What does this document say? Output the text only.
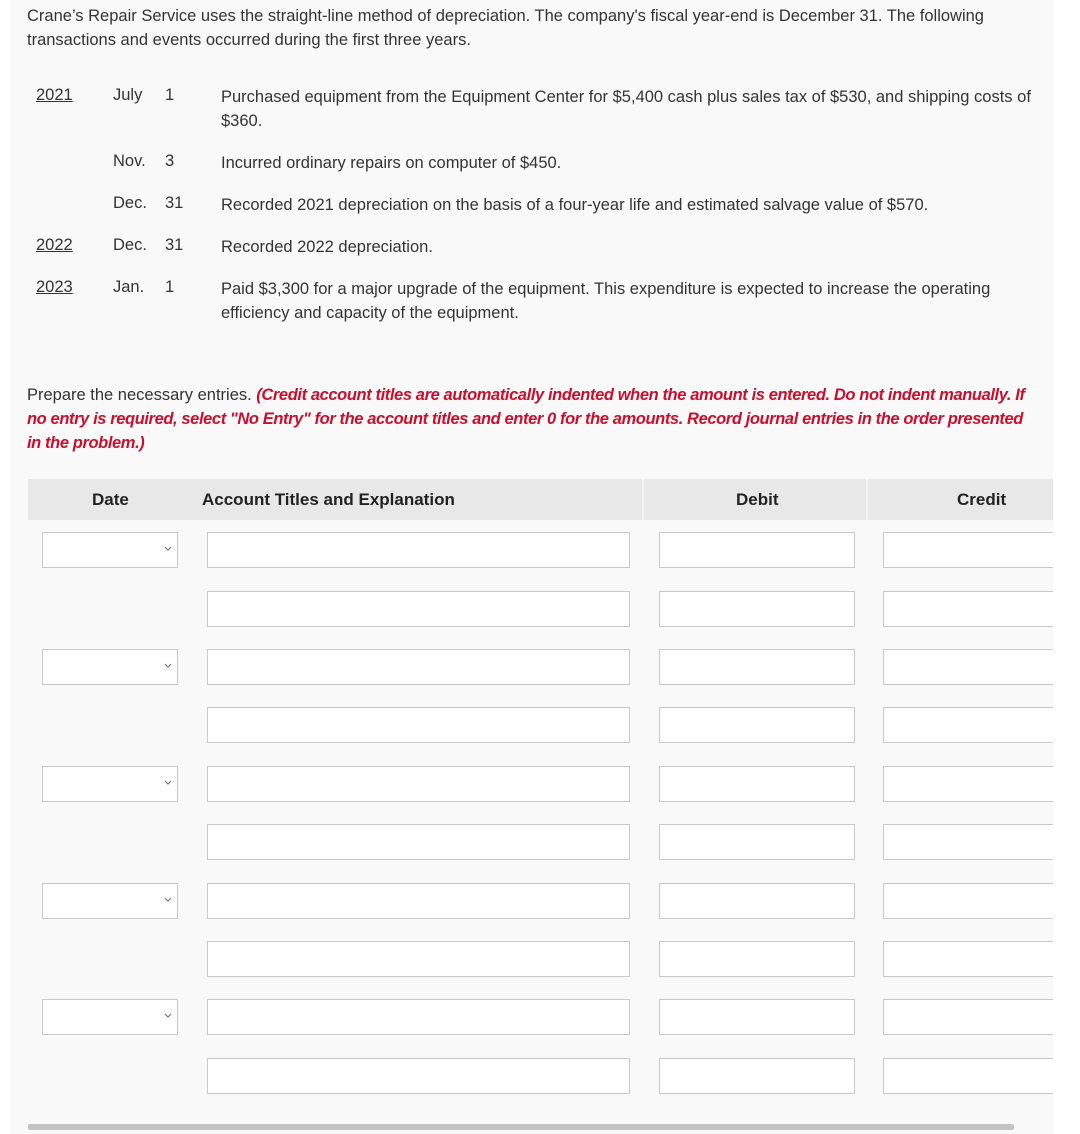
Crane’s Repair Service uses the straight-line method of depreciation. The company's fiscal year-end is December 31. The following transactions and events occurred during the first three years.
2021 July 1	Purchased equipment from the Equipment Center for $5,400 cash plus sales tax of $530, and shipping costs of $360.
Nov. 3	Incurred ordinary repairs on computer of $450.
Dec. 31 Recorded 2021 depreciation on the basis of a four-year life and estimated salvage value of $570.
2022 Dec. 31 Recorded 2022 depreciation.
2023 Jan. 1	Paid $3,300 for a major upgrade of the equipment. This expenditure is expected to increase the operating efficiency and capacity of the equipment.
Prepare the necessary entries. (Credit account titles are automatically indented when the amount is entered. Do not indent manually. If no entry is required, select "No Entry" for the account titles and enter 0 for the amounts. Record journal entries in the order presented in the problem.)
Date	Account Titles and Explanation	Debit	Credit
